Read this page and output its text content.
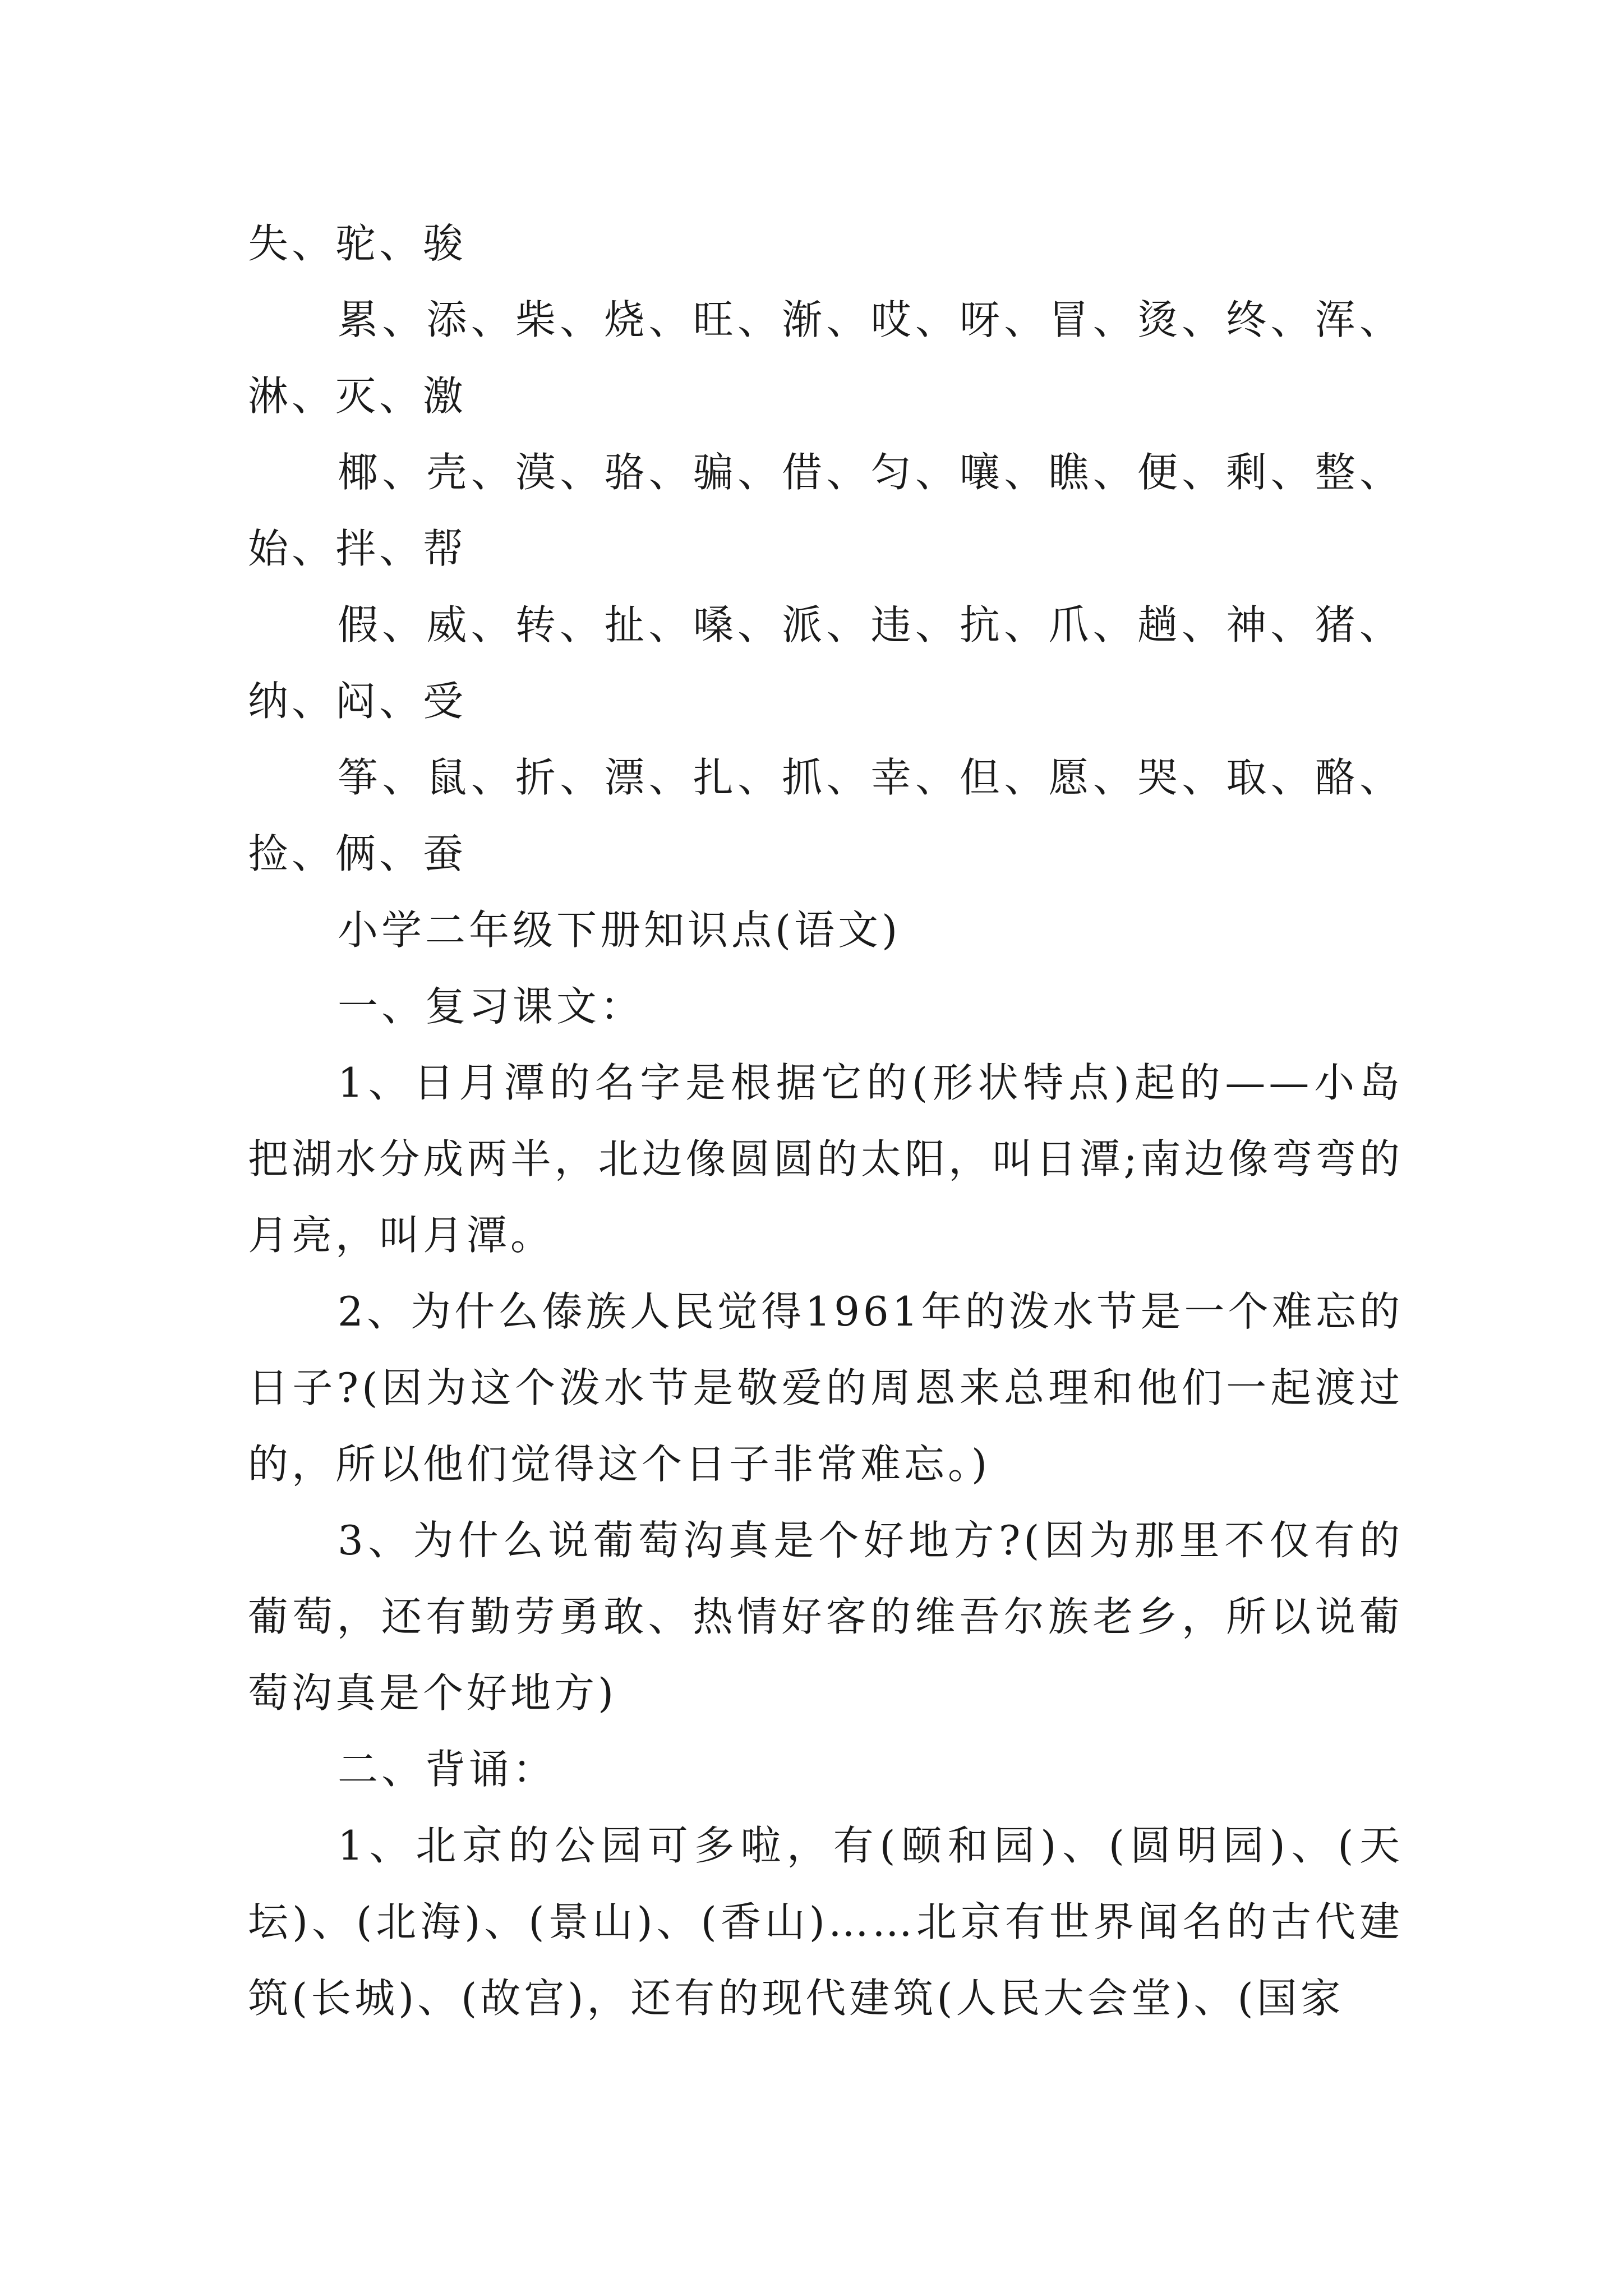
失、驼、骏

累、添、柴、烧、旺、渐、哎、呀、冒、烫、终、浑、淋、灭、激

椰、壳、漠、骆、骗、借、匀、嚷、瞧、便、剩、整、始、拌、帮

假、威、转、扯、嗓、派、违、抗、爪、趟、神、猪、纳、闷、受

筝、鼠、折、漂、扎、抓、幸、但、愿、哭、取、酪、捡、俩、蚕

小学二年级下册知识点(语文)

一、复习课文：

1、日月潭的名字是根据它的(形状特点)起的——小岛把湖水分成两半，北边像圆圆的太阳，叫日潭;南边像弯弯的月亮，叫月潭。

2、为什么傣族人民觉得1961年的泼水节是一个难忘的日子?(因为这个泼水节是敬爱的周恩来总理和他们一起渡过的，所以他们觉得这个日子非常难忘。)

3、为什么说葡萄沟真是个好地方?(因为那里不仅有的葡萄，还有勤劳勇敢、热情好客的维吾尔族老乡，所以说葡萄沟真是个好地方)

二、背诵：

1、北京的公园可多啦，有(颐和园)、(圆明园)、(天坛)、(北海)、(景山)、(香山)……北京有世界闻名的古代建筑(长城)、(故宫)，还有的现代建筑(人民大会堂)、(国家
